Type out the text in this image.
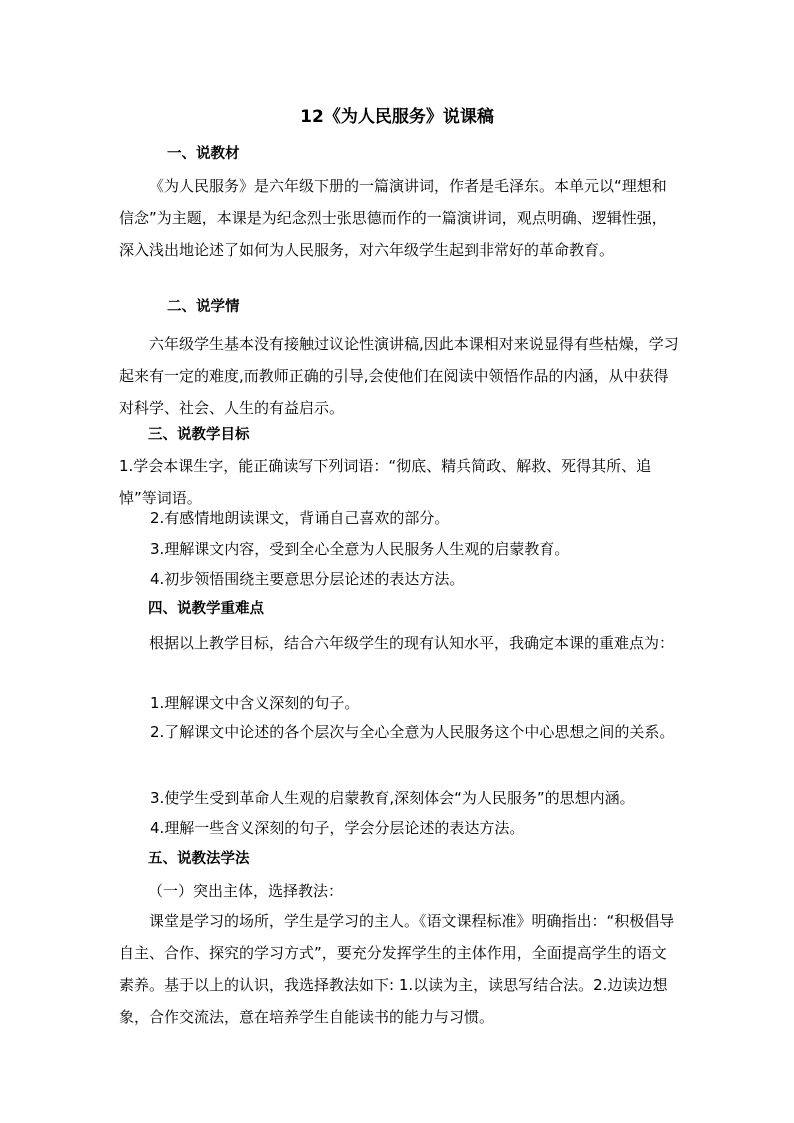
12《为人民服务》说课稿
一、说教材
《为人民服务》是六年级下册的一篇演讲词，作者是毛泽东。本单元以“理想和信念”为主题，本课是为纪念烈士张思德而作的一篇演讲词，观点明确、逻辑性强，深入浅出地论述了如何为人民服务，对六年级学生起到非常好的革命教育。
二、说学情
六年级学生基本没有接触过议论性演讲稿,因此本课相对来说显得有些枯燥，学习起来有一定的难度,而教师正确的引导,会使他们在阅读中领悟作品的内涵，从中获得对科学、社会、人生的有益启示。
三、说教学目标
1.学会本课生字，能正确读写下列词语：“彻底、精兵简政、解救、死得其所、追悼”等词语。
2.有感情地朗读课文，背诵自己喜欢的部分。
3.理解课文内容，受到全心全意为人民服务人生观的启蒙教育。
4.初步领悟围绕主要意思分层论述的表达方法。
四、说教学重难点
根据以上教学目标，结合六年级学生的现有认知水平，我确定本课的重难点为：
1.理解课文中含义深刻的句子。
2.了解课文中论述的各个层次与全心全意为人民服务这个中心思想之间的关系。
3.使学生受到革命人生观的启蒙教育,深刻体会“为人民服务”的思想内涵。
4.理解一些含义深刻的句子，学会分层论述的表达方法。
五、说教法学法
（一）突出主体，选择教法：
课堂是学习的场所，学生是学习的主人。《语文课程标准》明确指出：“积极倡导自主、合作、探究的学习方式”，要充分发挥学生的主体作用，全面提高学生的语文素养。基于以上的认识，我选择教法如下: 1.以读为主，读思写结合法。2.边读边想象，合作交流法，意在培养学生自能读书的能力与习惯。
